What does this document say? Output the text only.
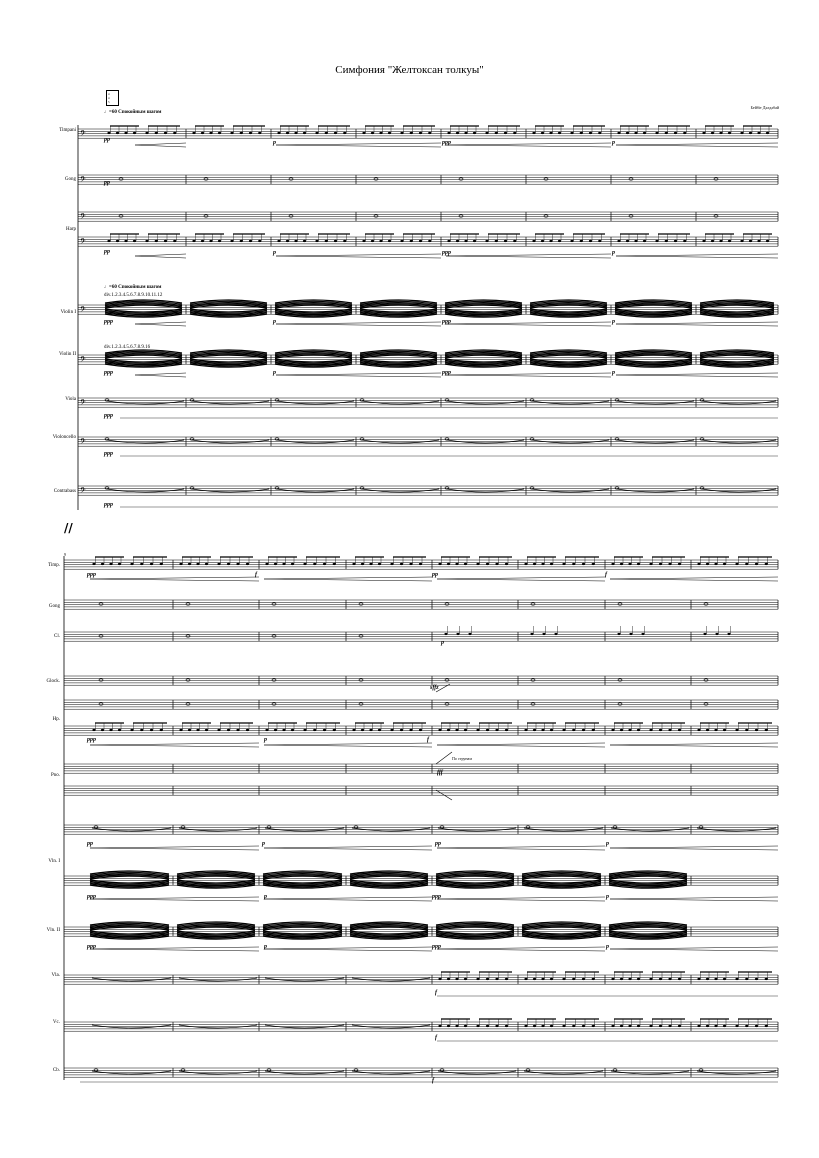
Симфония "Желтоксан толкуы"
Бейбіт Дәлдәбай
4
4
5
♩=60 Спокойным шагом
♩=60 Спокойным шагом
div.1.2.3.4.5.6.7.8.9.10.11.12
div.1.2.3.4.5.6.7.8.9.16
По струнам
9
Timpani
Gong
Harp
Violin I
Violin II
Viola
Violoncello
Contrabass
Timp.
Gong
Cl.
Glock.
Hp.
Pno.
Vln. I
Vln. II
Vla.
Vc.
Cb.
pp	p	ppp	p
pp
pp	p	ppp	p
ppp	p	ppp	p
ppp	p	ppp	p
ppp
ppp
ppp
ppp	f	pp	f
p
sffz
ppp	p	f
fff
pp	p	pp	p
ppp	p	ppp	p
ppp	p	ppp	p
f
f
f
𝄢
𝄢
𝄢
𝄢
𝄢
𝄢
𝄢
𝄢
𝄢
//
